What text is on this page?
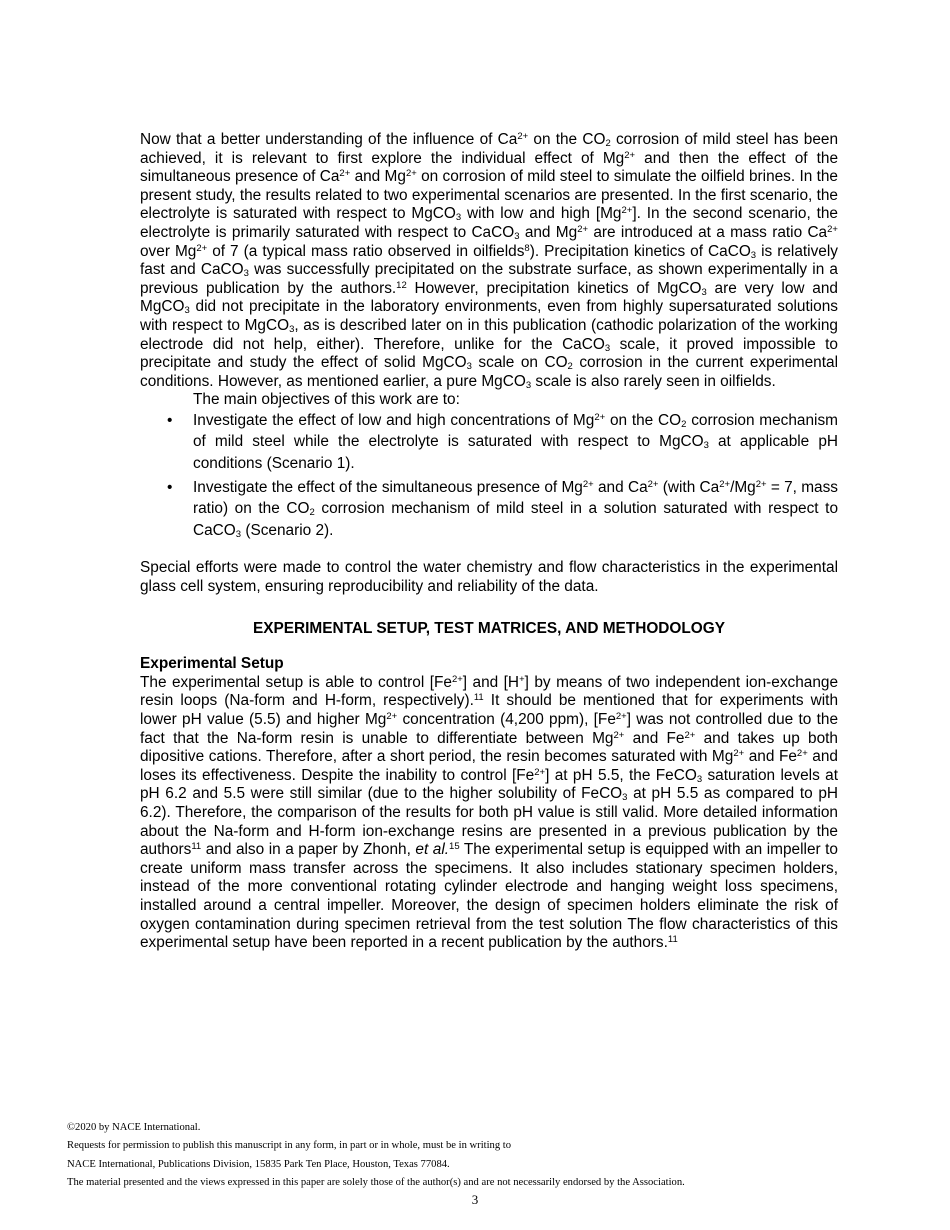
Now that a better understanding of the influence of $Ca^{2+}$ on the $CO_2$ corrosion of mild steel has been achieved, it is relevant to first explore the individual effect of $Mg^{2+}$ and then the effect of the simultaneous presence of $Ca^{2+}$ and $Mg^{2+}$ on corrosion of mild steel to simulate the oilfield brines. In the present study, the results related to two experimental scenarios are presented. In the first scenario, the electrolyte is saturated with respect to MgCO$_3$ with low and high $[Mg^{2+}]$. In the second scenario, the electrolyte is primarily saturated with respect to CaCO$_3$ and $Mg^{2+}$ are introduced at a mass ratio $Ca^{2+}$ over $Mg^{2+}$ of 7 (a typical mass ratio observed in oilfields$^8$). Precipitation kinetics of CaCO$_3$ is relatively fast and CaCO$_3$ was successfully precipitated on the substrate surface, as shown experimentally in a previous publication by the authors.$^{12}$ However, precipitation kinetics of MgCO$_3$ are very low and MgCO$_3$ did not precipitate in the laboratory environments, even from highly supersaturated solutions with respect to MgCO$_3$, as is described later on in this publication (cathodic polarization of the working electrode did not help, either). Therefore, unlike for the CaCO$_3$ scale, it proved impossible to precipitate and study the effect of solid MgCO$_3$ scale on $CO_2$ corrosion in the current experimental conditions. However, as mentioned earlier, a pure MgCO$_3$ scale is also rarely seen in oilfields.

The main objectives of this work are to:

• Investigate the effect of low and high concentrations of $Mg^{2+}$ on the $CO_2$ corrosion mechanism of mild steel while the electrolyte is saturated with respect to MgCO$_3$ at applicable pH conditions (Scenario 1).
• Investigate the effect of the simultaneous presence of $Mg^{2+}$ and $Ca^{2+}$ (with $Ca^{2+}/Mg^{2+} = 7$, mass ratio) on the $CO_2$ corrosion mechanism of mild steel in a solution saturated with respect to CaCO$_3$ (Scenario 2).

Special efforts were made to control the water chemistry and flow characteristics in the experimental glass cell system, ensuring reproducibility and reliability of the data.

EXPERIMENTAL SETUP, TEST MATRICES, AND METHODOLOGY
Experimental Setup

The experimental setup is able to control $[Fe^{2+}]$ and [H+] by means of two independent ion-exchange resin loops (Na-form and H-form, respectively).$^{11}$ It should be mentioned that for experiments with lower pH value (5.5) and higher $Mg^{2+}$ concentration (4,200 ppm), $[Fe^{2+}]$ was not controlled due to the fact that the Na-form resin is unable to differentiate between $Mg^{2+}$ and $Fe^{2+}$ and takes up both dipositive cations. Therefore, after a short period, the resin becomes saturated with $Mg^{2+}$ and $Fe^{2+}$ and loses its effectiveness. Despite the inability to control $[Fe^{2+}]$ at pH 5.5, the FeCO$_3$ saturation levels at pH 6.2 and 5.5 were still similar (due to the higher solubility of FeCO$_3$ at pH 5.5 as compared to pH 6.2). Therefore, the comparison of the results for both pH value is still valid. More detailed information about the Na-form and H-form ion-exchange resins are presented in a previous publication by the authors$^{11}$ and also in a paper by Zhonh, et al.$^{15}$ The experimental setup is equipped with an impeller to create uniform mass transfer across the specimens. It also includes stationary specimen holders, instead of the more conventional rotating cylinder electrode and hanging weight loss specimens, installed around a central impeller. Moreover, the design of specimen holders eliminate the risk of oxygen contamination during specimen retrieval from the test solution The flow characteristics of this experimental setup have been reported in a recent publication by the authors.$^{11}$

©2020 by NACE International.
Requests for permission to publish this manuscript in any form, in part or in whole, must be in writing to
NACE International, Publications Division, 15835 Park Ten Place, Houston, Texas 77084.
The material presented and the views expressed in this paper are solely those of the author(s) and are not necessarily endorsed by the Association.
3
